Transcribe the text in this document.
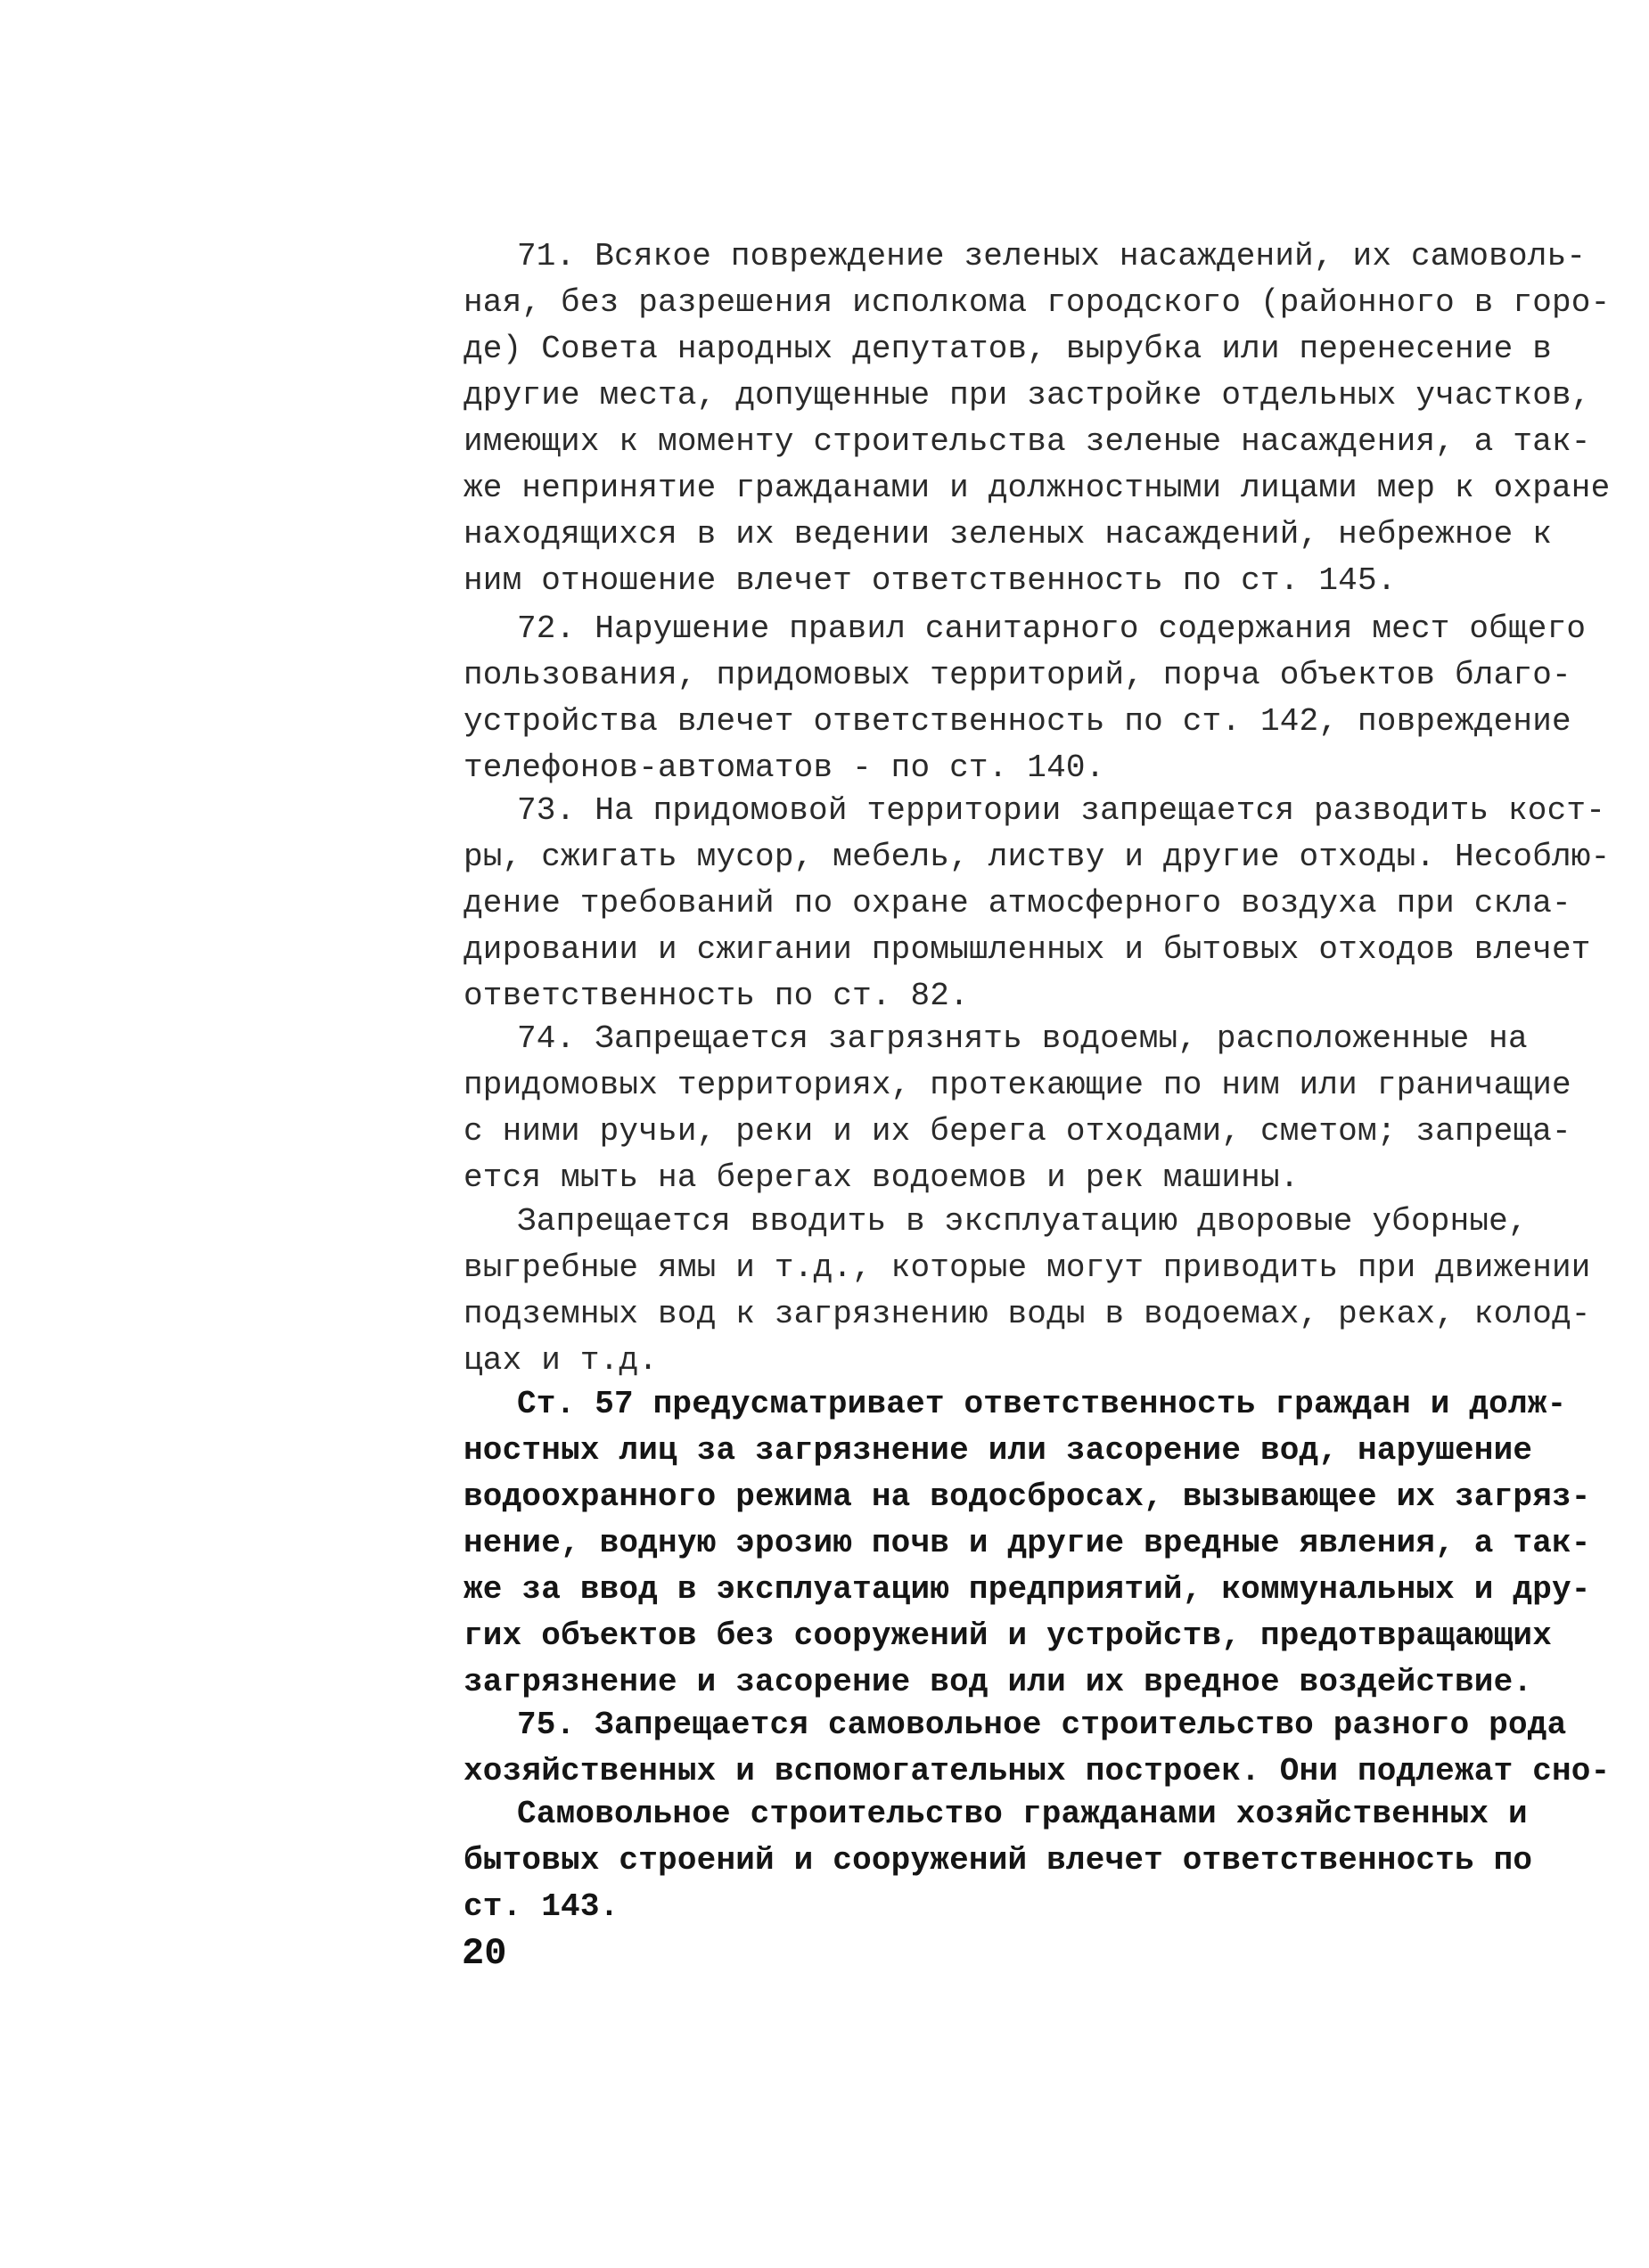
71. Всякое повреждение зеленых насаждений, их самоволь-
ная, без разрешения исполкома городского (районного в горо-
де) Совета народных депутатов, вырубка или перенесение в
другие места, допущенные при застройке отдельных участков,
имеющих к моменту строительства зеленые насаждения, а так-
же непринятие гражданами и должностными лицами мер к охране
находящихся в их ведении зеленых насаждений, небрежное к
ним отношение влечет ответственность по ст. 145.
72. Нарушение правил санитарного содержания мест общего
пользования, придомовых территорий, порча объектов благо-
устройства влечет ответственность по ст. 142, повреждение
телефонов-автоматов - по ст. 140.
73. На придомовой территории запрещается разводить кост-
ры, сжигать мусор, мебель, листву и другие отходы. Несоблю-
дение требований по охране атмосферного воздуха при скла-
дировании и сжигании промышленных и бытовых отходов влечет
ответственность по ст. 82.
74. Запрещается загрязнять водоемы, расположенные на
придомовых территориях, протекающие по ним или граничащие
с ними ручьи, реки и их берега отходами, сметом; запреща-
ется мыть на берегах водоемов и рек машины.
Запрещается вводить в эксплуатацию дворовые уборные,
выгребные ямы и т.д., которые могут приводить при движении
подземных вод к загрязнению воды в водоемах, реках, колод-
цах и т.д.
Ст. 57 предусматривает ответственность граждан и долж-
ностных лиц за загрязнение или засорение вод, нарушение
водоохранного режима на водосбросах, вызывающее их загряз-
нение, водную эрозию почв и другие вредные явления, а так-
же за ввод в эксплуатацию предприятий, коммунальных и дру-
гих объектов без сооружений и устройств, предотвращающих
загрязнение и засорение вод или их вредное воздействие.
75. Запрещается самовольное строительство разного рода
хозяйственных и вспомогательных построек. Они подлежат сно-
Самовольное строительство гражданами хозяйственных и
бытовых строений и сооружений влечет ответственность по
ст. 143.
20
